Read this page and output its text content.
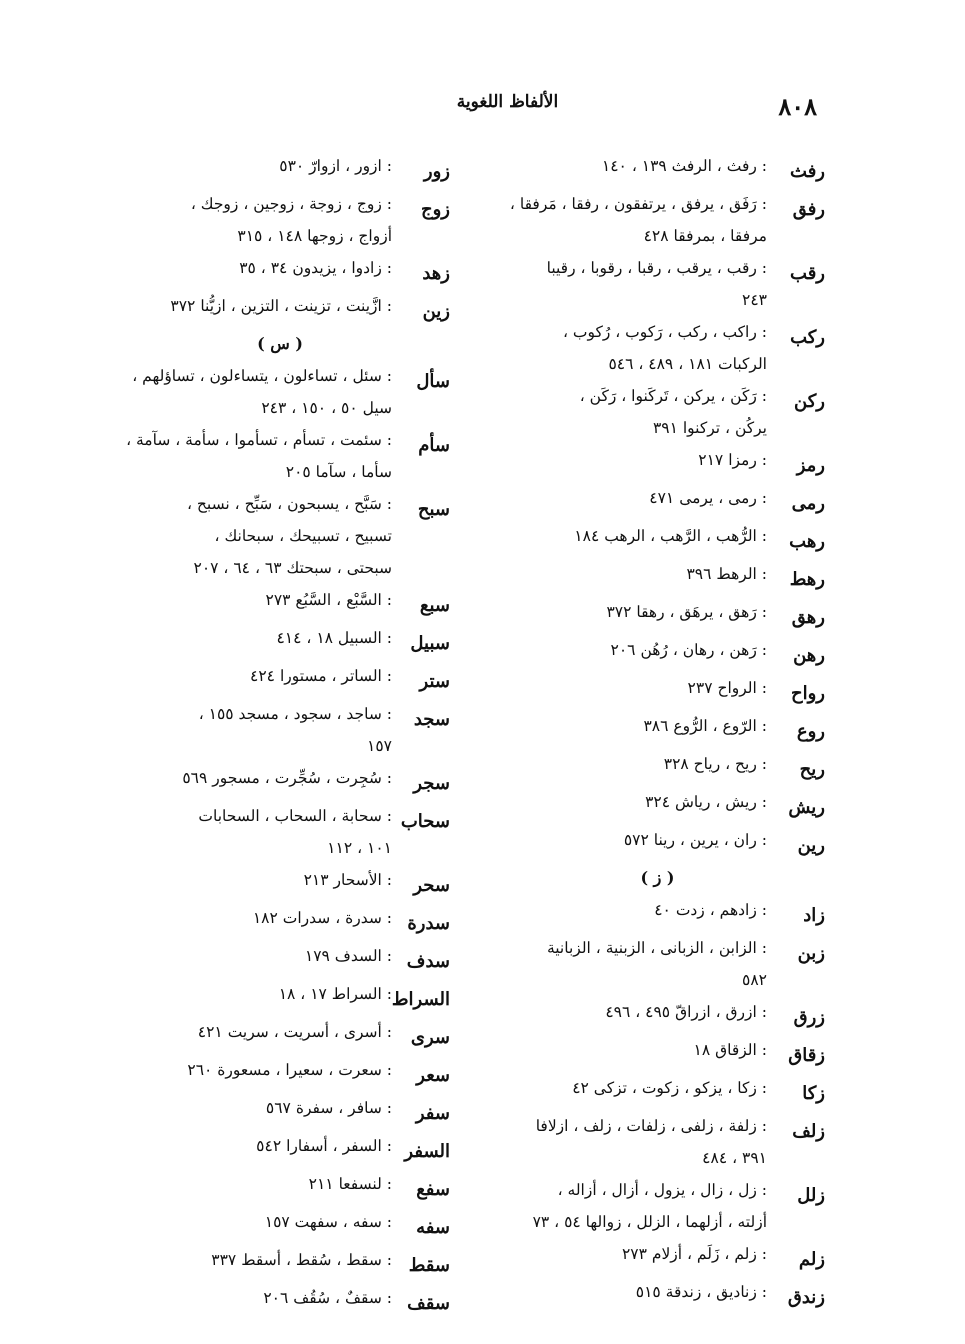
٨٠٨
الألفاظ اللغوية
رفث
: رفث ، الرفث ١٣٩ ، ١٤٠
رفق
: رَفَق ، يرفق ، يرتفقون ، رفقا ، مَرفقا ،
مرفقا ، بمرفقا ٤٢٨
رقب
: رقب ، يرقب ، رقبا ، رقوبا ، رقيبا
٢٤٣
ركب
: راكب ، ركب ، رَكوب ، رُكوب ،
الركبات ١٨١ ، ٤٨٩ ، ٥٤٦
ركن
: رَكَن ، يركن ، تَركَنوا ، رَكَن ،
يركُن ، تركنوا ٣٩١
رمز
: رمزا ٢١٧
رمى
: رمى ، يرمى ٤٧١
رهب
: الرُّهب ، الرَّهب ، الرهب ١٨٤
رهط
: الرهط ٣٩٦
رهق
: رَهق ، يرهَق ، رهقا ٣٧٢
رهن
: رَهن ، رهان ، رُهُن ٢٠٦
رواح
: الرواح ٢٣٧
روع
: الرّوع ، الرُّوع ٣٨٦
ريح
: ريح ، رياح ٣٢٨
ريش
: ريش ، رياش ٣٢٤
رين
: ران ، يرين ، رينا ٥٧٢
( ز )
زاد
: زادهم ، زدت ٤٠
زبن
: الزابن ، الزبانى ، الزبنية ، الزبانية
٥٨٢
زرق
: ازرق ، ازراقّ ٤٩٥ ، ٤٩٦
زقاق
: الزقاق ١٨
زكا
: زكا ، يزكو ، زكوت ، تزكى ٤٢
زلف
: زلفة ، زلفى ، زلفات ، زلف ، ازلافا
٣٩١ ، ٤٨٤
زلل
: زل ، زال ، يزول ، أزال ، أزاله ،
أزلته ، أزلهما ، الزلل ، زوالها ٥٤ ، ٧٣
زلم
: زلم ، زَلَم ، أزلام ٢٧٣
زندق
: زناديق ، زندقة ٥١٥
زور
: ازور ، ازوارّ ٥٣٠
زوج
: زوج ، زوجة ، زوجين ، زوجك ،
أزواج ، زوجها ١٤٨ ، ٣١٥
زهد
: زادوا ، يزيدون ٣٤ ، ٣٥
زين
: ازَّينت ، تزينت ، التزين ، ازيُّنا ٣٧٢
( س )
سأل
: سئل ، تساءلون ، يتساءلون ، تساؤلهم ،
سيل ٥٠ ، ١٥٠ ، ٢٤٣
سأم
: سئمت ، تسأم ، تسأموا ، سأمة ، سآمة ،
سأما ، سآما ٢٠٥
سبح
: سَبَّح ، يسبحون ، سَبِّح ، نسبح ،
تسبيح ، تسبيحك ، سبحانك ،
سبحتى ، سبحتك ٦٣ ، ٦٤ ، ٢٠٧
سبع
: السَّبْع ، السَّبُع ٢٧٣
سبيل
: السبيل ١٨ ، ٤١٤
ستر
: الساتر ، مستورا ٤٢٤
سجد
: ساجد ، سجود ، مسجد ١٥٥ ،
١٥٧
سجر
: سُجِرت ، سُجِّرت ، مسجور ٥٦٩
سحاب
: سحابة ، السحاب ، السحابات
١٠١ ، ١١٢
سحر
: الأسحار ٢١٣
سدرة
: سدرة ، سدرات ١٨٢
سدف
: السدف ١٧٩
السراط
: السراط ١٧ ، ١٨
سرى
: أسرى ، أسريت ، سريت ٤٢١
سعر
: سعرت ، سعيرا ، مسعورة ٢٦٠
سفر
: سافر ، سفرة ٥٦٧
السفر
: السفر ، أسفارا ٥٤٢
سفع
: لنسفعا ٢١١
سفه
: سفه ، سفهت ١٥٧
سقط
: سقط ، سُقط ، أسقط ٣٣٧
سقف
: سقفٌ ، سُقُف ٢٠٦
